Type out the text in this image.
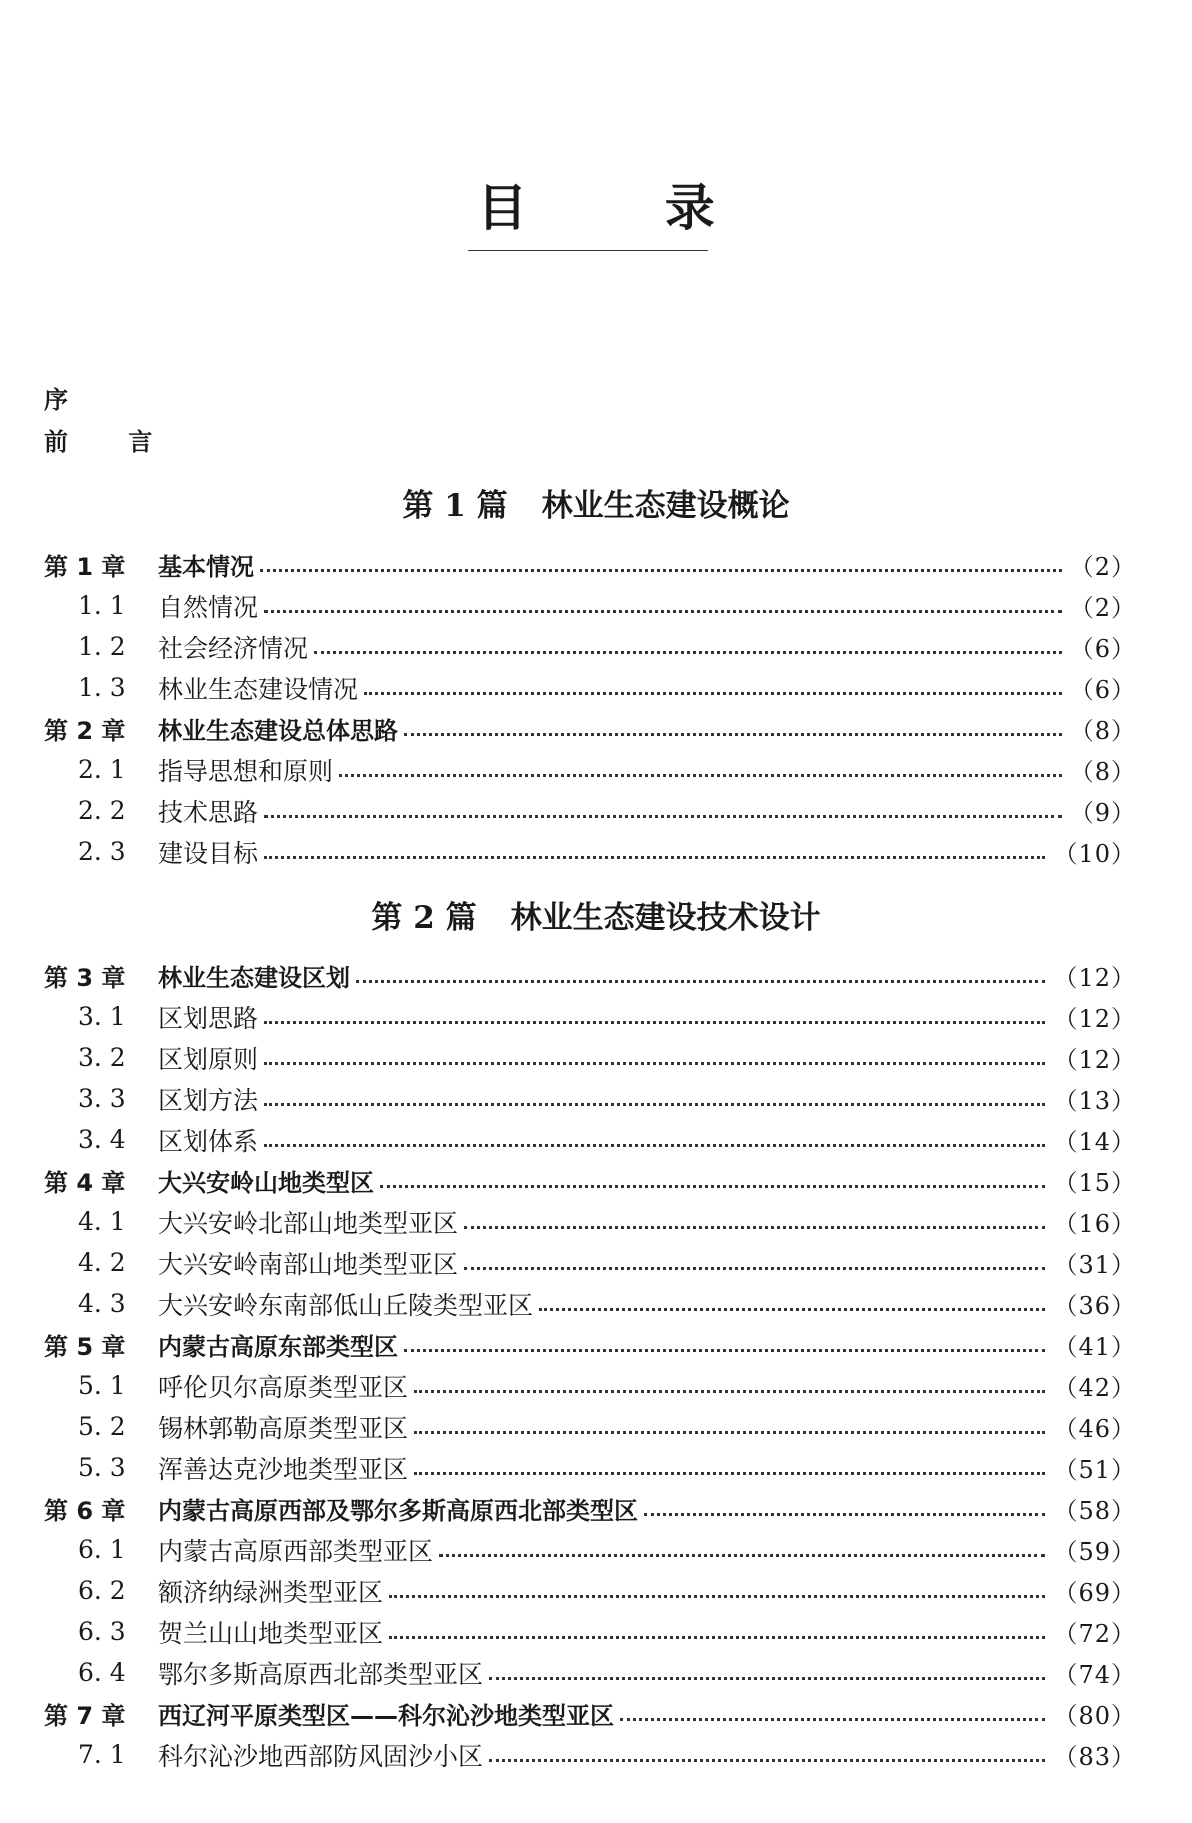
目 录
序
前 言
第 1 篇 林业生态建设概论
第 1 章	基本情况	（2）
1. 1	自然情况	（2）
1. 2	社会经济情况	（6）
1. 3	林业生态建设情况	（6）
第 2 章	林业生态建设总体思路	（8）
2. 1	指导思想和原则	（8）
2. 2	技术思路	（9）
2. 3	建设目标	（10）
第 2 篇 林业生态建设技术设计
第 3 章	林业生态建设区划	（12）
3. 1	区划思路	（12）
3. 2	区划原则	（12）
3. 3	区划方法	（13）
3. 4	区划体系	（14）
第 4 章	大兴安岭山地类型区	（15）
4. 1	大兴安岭北部山地类型亚区	（16）
4. 2	大兴安岭南部山地类型亚区	（31）
4. 3	大兴安岭东南部低山丘陵类型亚区	（36）
第 5 章	内蒙古高原东部类型区	（41）
5. 1	呼伦贝尔高原类型亚区	（42）
5. 2	锡林郭勒高原类型亚区	（46）
5. 3	浑善达克沙地类型亚区	（51）
第 6 章	内蒙古高原西部及鄂尔多斯高原西北部类型区	（58）
6. 1	内蒙古高原西部类型亚区	（59）
6. 2	额济纳绿洲类型亚区	（69）
6. 3	贺兰山山地类型亚区	（72）
6. 4	鄂尔多斯高原西北部类型亚区	（74）
第 7 章	西辽河平原类型区——科尔沁沙地类型亚区	（80）
7. 1	科尔沁沙地西部防风固沙小区	（83）
